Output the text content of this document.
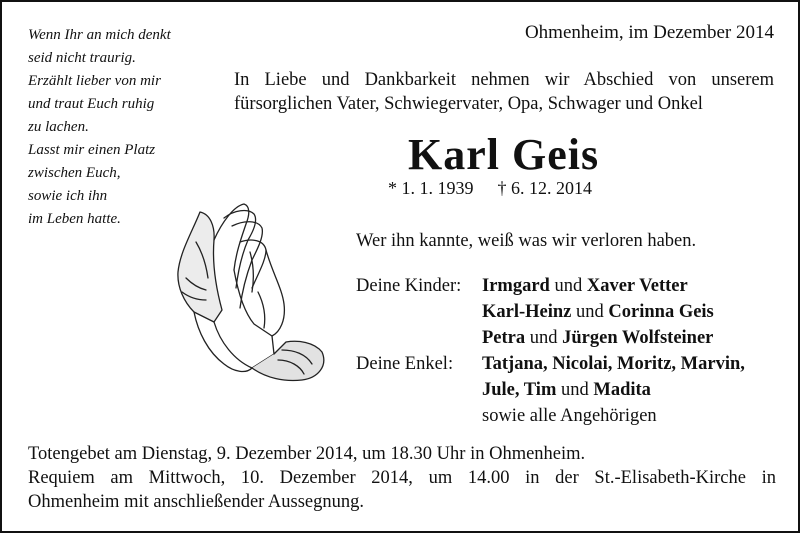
Wenn Ihr an mich denkt
seid nicht traurig.
Erzählt lieber von mir
und traut Euch ruhig
zu lachen.
Lasst mir einen Platz
zwischen Euch,
sowie ich ihn
im Leben hatte.
Ohmenheim, im Dezember 2014
In Liebe und Dankbarkeit nehmen wir Abschied von unserem
fürsorglichen Vater, Schwiegervater, Opa, Schwager und Onkel
Karl Geis
* 1. 1. 1939 † 6. 12. 2014
Wer ihn kannte, weiß was wir verloren haben.
Deine Kinder:	Irmgard und Xaver Vetter
Karl-Heinz und Corinna Geis
Petra und Jürgen Wolfsteiner
Deine Enkel:	Tatjana, Nicolai, Moritz, Marvin,
Jule, Tim und Madita
sowie alle Angehörigen
Totengebet am Dienstag, 9. Dezember 2014, um 18.30 Uhr in Ohmenheim.
Requiem am Mittwoch, 10. Dezember 2014, um 14.00 in der St.-Elisabeth-Kirche in
Ohmenheim mit anschließender Aussegnung.
